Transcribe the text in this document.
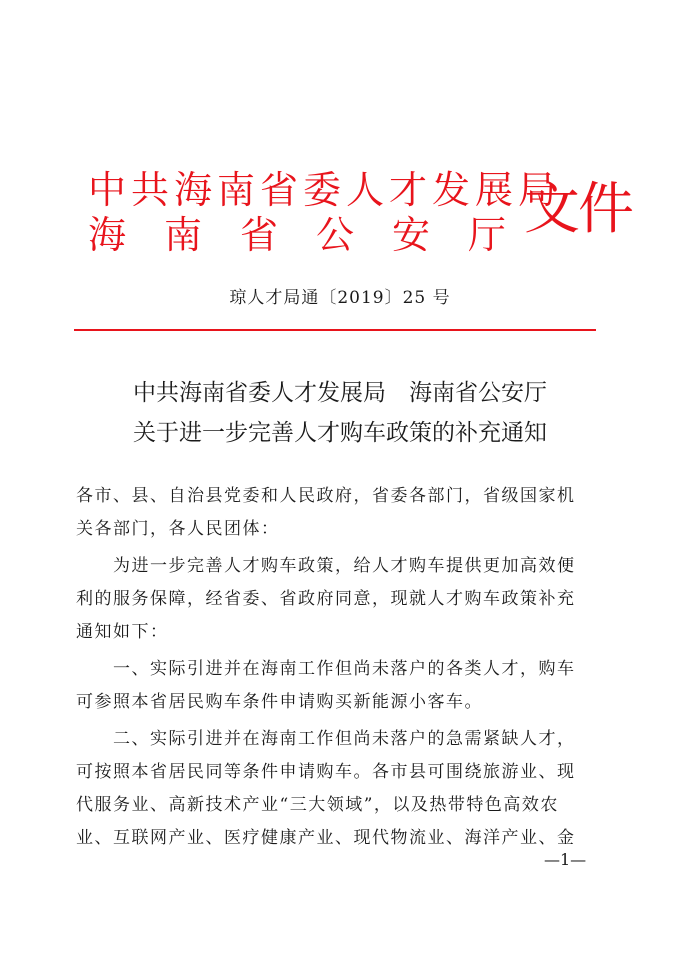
中共海南省委人才发展局
海 南 省 公 安 厅 文件
琼人才局通〔2019〕25 号
中共海南省委人才发展局　海南省公安厅
关于进一步完善人才购车政策的补充通知

各市、县、自治县党委和人民政府，省委各部门，省级国家机

关各部门，各人民团体：

　　为进一步完善人才购车政策，给人才购车提供更加高效便

利的服务保障，经省委、省政府同意，现就人才购车政策补充

通知如下：

　　一、实际引进并在海南工作但尚未落户的各类人才，购车

可参照本省居民购车条件申请购买新能源小客车。

　　二、实际引进并在海南工作但尚未落户的急需紧缺人才，

可按照本省居民同等条件申请购车。各市县可围绕旅游业、现

代服务业、高新技术产业“三大领域”，以及热带特色高效农

业、互联网产业、医疗健康产业、现代物流业、海洋产业、金

—1—
